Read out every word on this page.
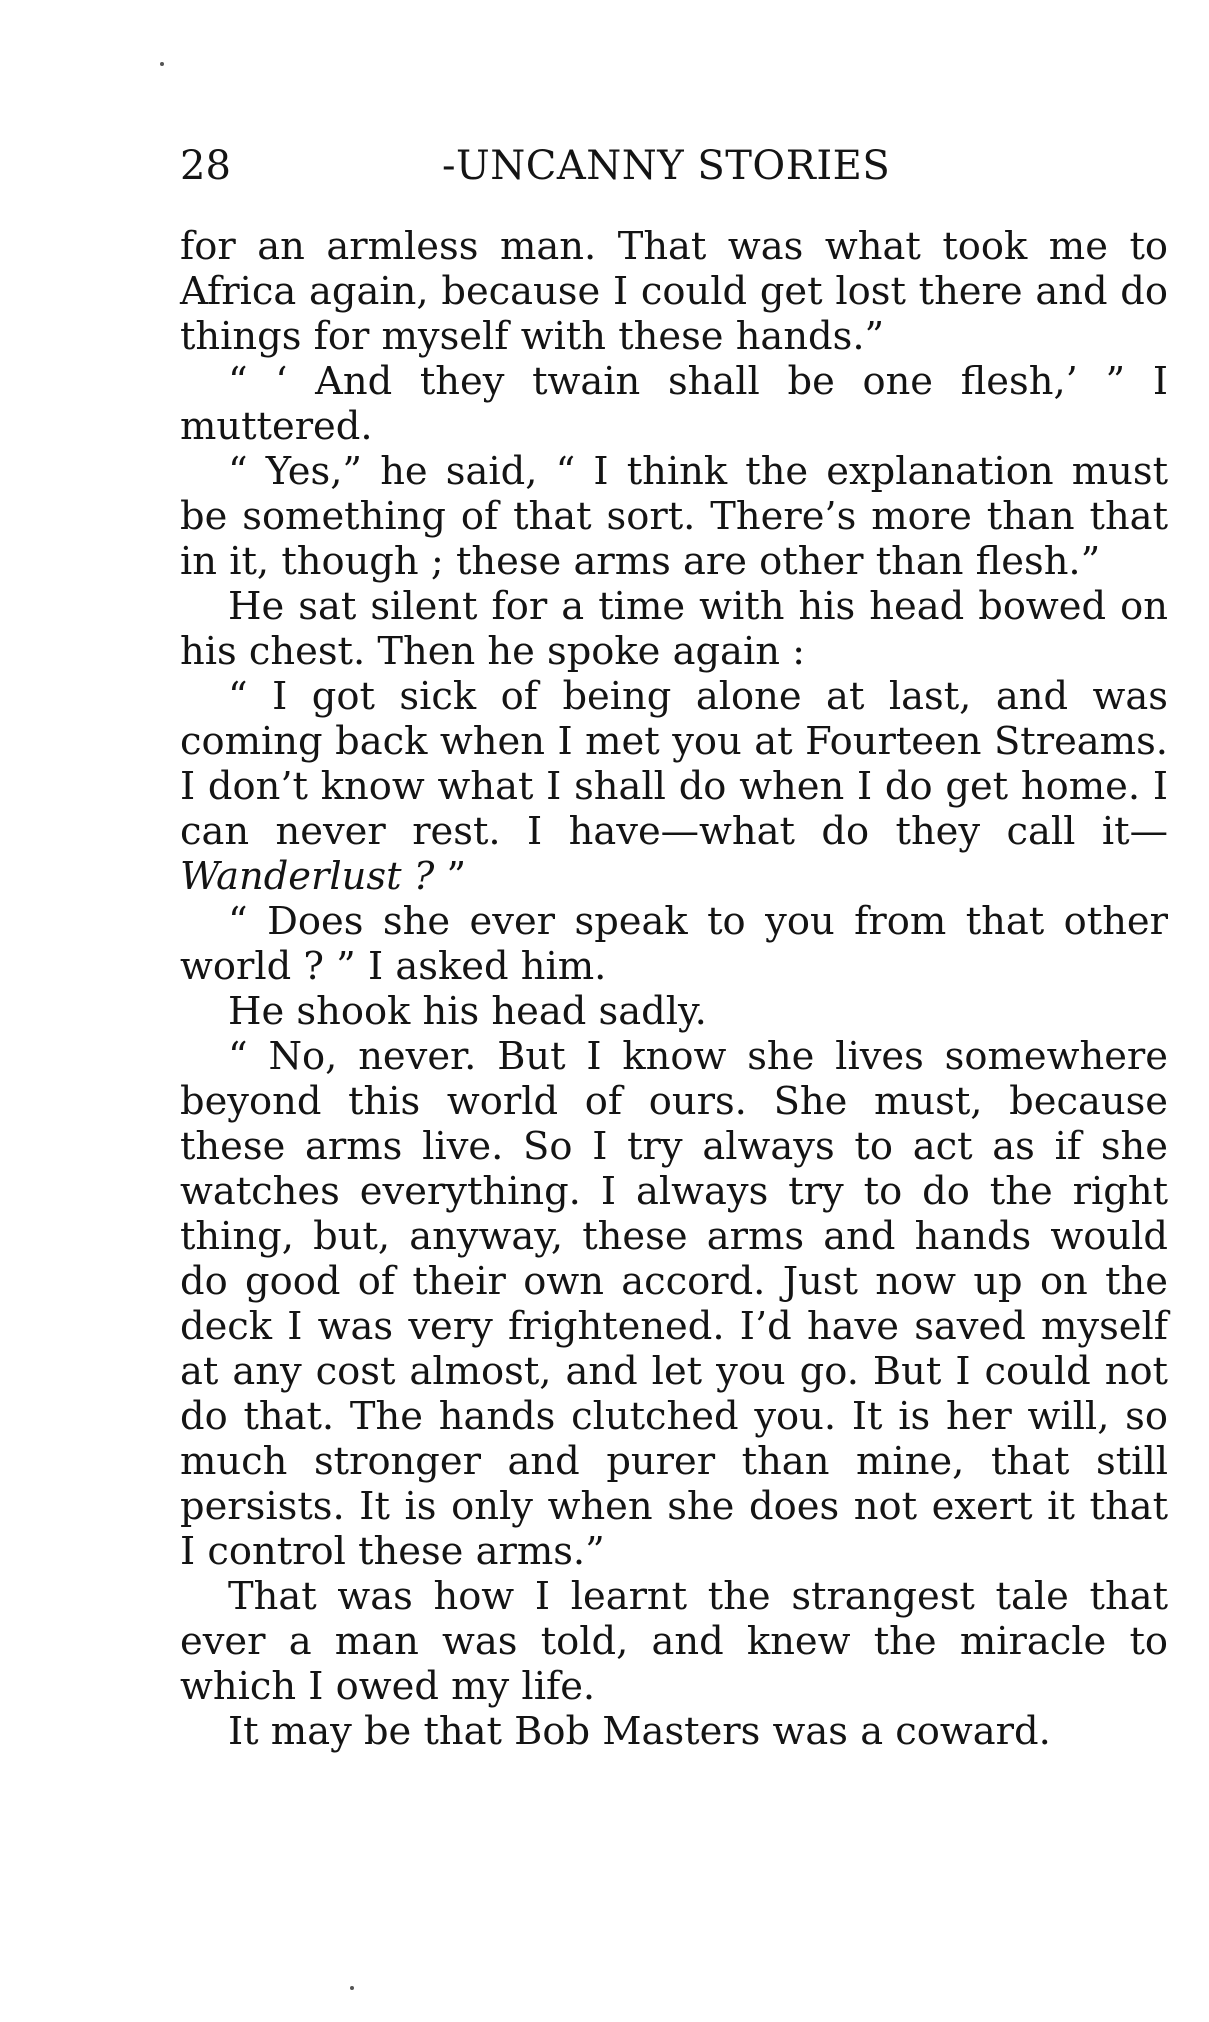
28	-UNCANNY STORIES

for an armless man. That was what took me to Africa again, because I could get lost there and do things for myself with these hands.”

“ ‘ And they twain shall be one flesh,’ ” I muttered.

“ Yes,” he said, “ I think the explanation must be something of that sort. There’s more than that in it, though ; these arms are other than flesh.”

He sat silent for a time with his head bowed on his chest. Then he spoke again :

“ I got sick of being alone at last, and was coming back when I met you at Fourteen Streams. I don’t know what I shall do when I do get home. I can never rest. I have—what do they call it—Wanderlust ? ”

“ Does she ever speak to you from that other world ? ” I asked him.

He shook his head sadly.

“ No, never. But I know she lives somewhere beyond this world of ours. She must, because these arms live. So I try always to act as if she watches everything. I always try to do the right thing, but, anyway, these arms and hands would do good of their own accord. Just now up on the deck I was very frightened. I’d have saved myself at any cost almost, and let you go. But I could not do that. The hands clutched you. It is her will, so much stronger and purer than mine, that still persists. It is only when she does not exert it that I control these arms.”

That was how I learnt the strangest tale that ever a man was told, and knew the miracle to which I owed my life.

It may be that Bob Masters was a coward.
